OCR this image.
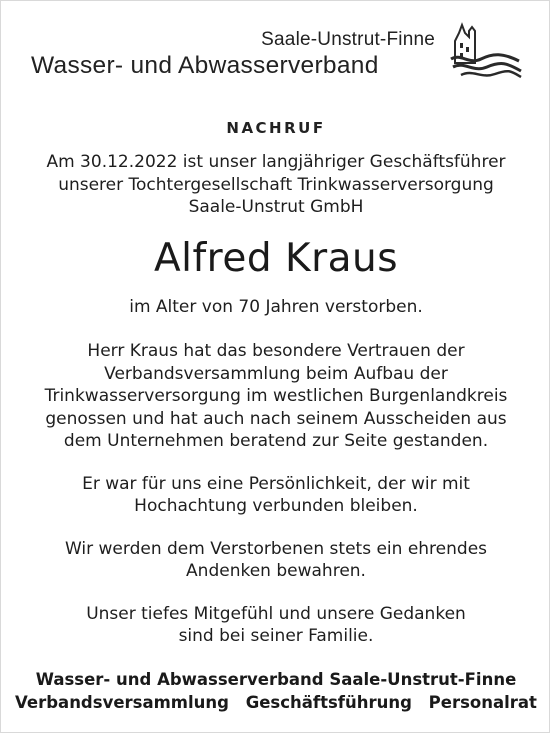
Saale-Unstrut-Finne
Wasser- und Abwasserverband
NACHRUF

Am 30.12.2022 ist unser langjähriger Geschäftsführer
unserer Tochtergesellschaft Trinkwasserversorgung
Saale-Unstrut GmbH

Alfred Kraus

im Alter von 70 Jahren verstorben.

Herr Kraus hat das besondere Vertrauen der
Verbandsversammlung beim Aufbau der
Trinkwasserversorgung im westlichen Burgenlandkreis
genossen und hat auch nach seinem Ausscheiden aus
dem Unternehmen beratend zur Seite gestanden.

Er war für uns eine Persönlichkeit, der wir mit
Hochachtung verbunden bleiben.

Wir werden dem Verstorbenen stets ein ehrendes
Andenken bewahren.

Unser tiefes Mitgefühl und unsere Gedanken
sind bei seiner Familie.

Wasser- und Abwasserverband Saale-Unstrut-Finne
Verbandsversammlung Geschäftsführung Personalrat
